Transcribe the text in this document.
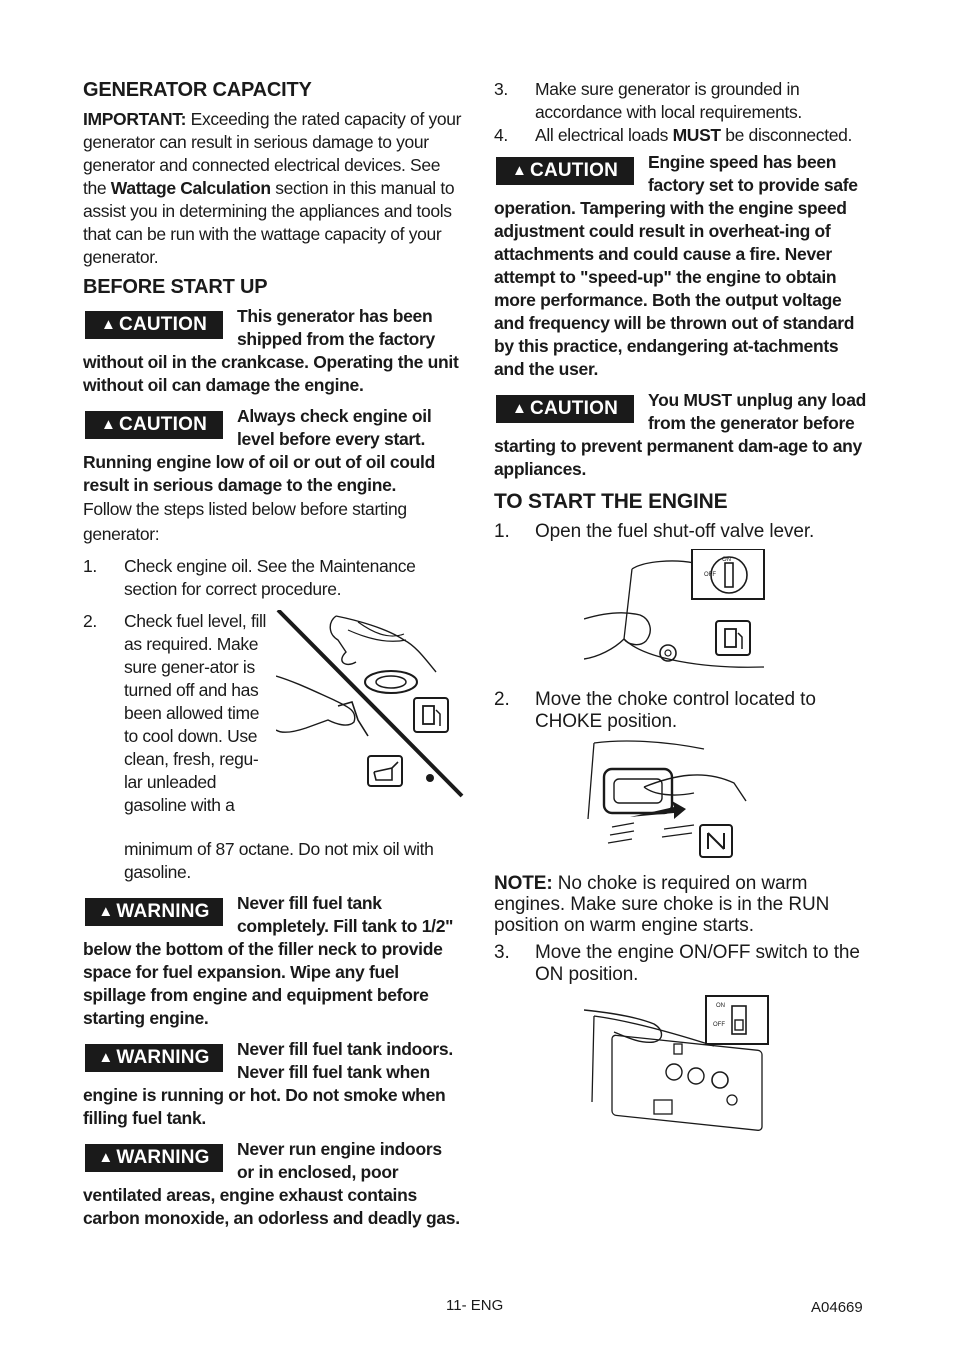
GENERATOR CAPACITY

IMPORTANT: Exceeding the rated capacity of your generator can result in serious damage to your generator and connected electrical devices. See the Wattage Calculation section in this manual to assist you in determining the appliances and tools that can be run with the wattage capacity of your generator.

BEFORE START UP
▲ CAUTION	This generator has been shipped from the factory without oil in the crankcase. Operating the unit without oil can damage the engine.
▲ CAUTION	Always check engine oil level before every start. Running engine low of oil or out of oil could result in serious damage to the engine.

Follow the steps listed below before starting generator:

1. Check engine oil. See the Maintenance section for correct procedure.
2. Check fuel level, fill as required. Make sure gener-ator is turned off and has been allowed time to cool down. Use clean, fresh, regu-lar unleaded gasoline with a
minimum of 87 octane. Do not mix oil with gasoline.
▲ WARNING	Never fill fuel tank completely. Fill tank to 1/2" below the bottom of the filler neck to provide space for fuel expansion. Wipe any fuel spillage from engine and equipment before starting engine.
▲ WARNING	Never fill fuel tank indoors. Never fill fuel tank when engine is running or hot. Do not smoke when filling fuel tank.
▲ WARNING	Never run engine indoors or in enclosed, poor ventilated areas, engine exhaust contains carbon monoxide, an odorless and deadly gas.
3. Make sure generator is grounded in accordance with local requirements.
4. All electrical loads MUST be disconnected.
▲ CAUTION	Engine speed has been factory set to provide safe operation. Tampering with the engine speed adjustment could result in overheat-ing of attachments and could cause a fire. Never attempt to "speed-up" the engine to obtain more performance. Both the output voltage and frequency will be thrown out of standard by this practice, endangering at-tachments and the user.
▲ CAUTION	You MUST unplug any load from the generator before starting to prevent permanent dam-age to any appliances.
TO START THE ENGINE
1. Open the fuel shut-off valve lever.
ON
OFF
2. Move the choke control located to CHOKE position.

NOTE: No choke is required on warm engines. Make sure choke is in the RUN position on warm engine starts.

3. Move the engine ON/OFF switch to the ON position.
ON
OFF
11- ENG	A04669
